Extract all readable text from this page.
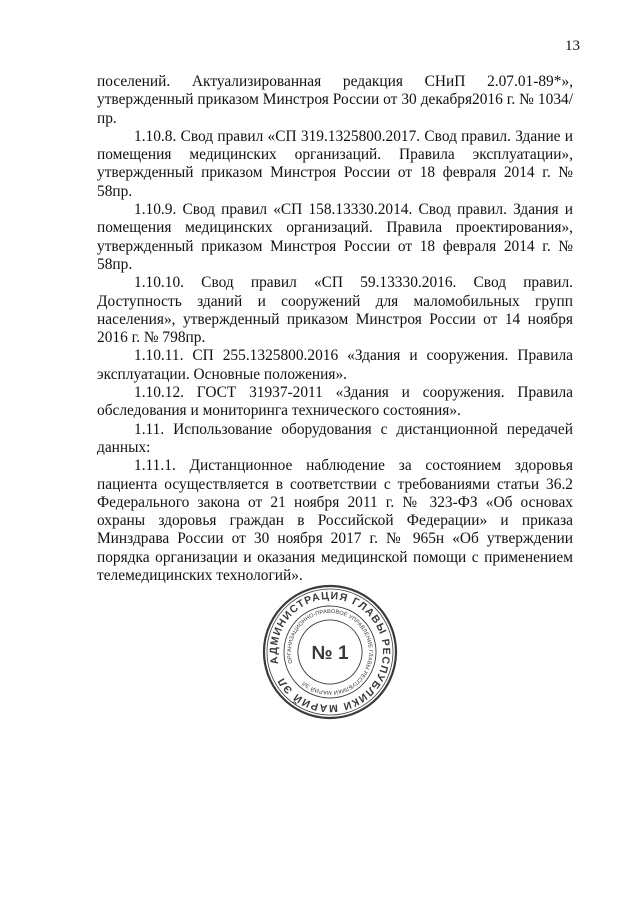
13

поселений. Актуализированная редакция СНиП 2.07.01-89*», утвержденный приказом Минстроя России от 30 декабря2016 г. № 1034/пр.

1.10.8. Свод правил «СП 319.1325800.2017. Свод правил. Здание и помещения медицинских организаций. Правила эксплуатации», утвержденный приказом Минстроя России от 18 февраля 2014 г. № 58пр.

1.10.9. Свод правил «СП 158.13330.2014. Свод правил. Здания и помещения медицинских организаций. Правила проектирования», утвержденный приказом Минстроя России от 18 февраля 2014 г. № 58пр.

1.10.10. Свод правил «СП 59.13330.2016. Свод правил. Доступность зданий и сооружений для маломобильных групп населения», утвержденный приказом Минстроя России от 14 ноября 2016 г. № 798пр.

1.10.11. СП 255.1325800.2016 «Здания и сооружения. Правила эксплуатации. Основные положения».

1.10.12. ГОСТ 31937-2011 «Здания и сооружения. Правила обследования и мониторинга технического состояния».

1.11. Использование оборудования с дистанционной передачей данных:

1.11.1. Дистанционное наблюдение за состоянием здоровья пациента осуществляется в соответствии с требованиями статьи 36.2 Федерального закона от 21 ноября 2011 г. № 323-ФЗ «Об основах охраны здоровья граждан в Российской Федерации» и приказа Минздрава России от 30 ноября 2017 г. № 965н «Об утверждении порядка организации и оказания медицинской помощи с применением телемедицинских технологий».

АДМИНИСТРАЦИЯ ГЛАВЫ РЕСПУБЛИКИ МАРИЙ ЭЛ
ОРГАНИЗАЦИОННО-ПРАВОВОЕ УПРАВЛЕНИЕ ГЛАВЫ РЕСПУБЛИКИ МАРИЙ ЭЛ
№ 1
